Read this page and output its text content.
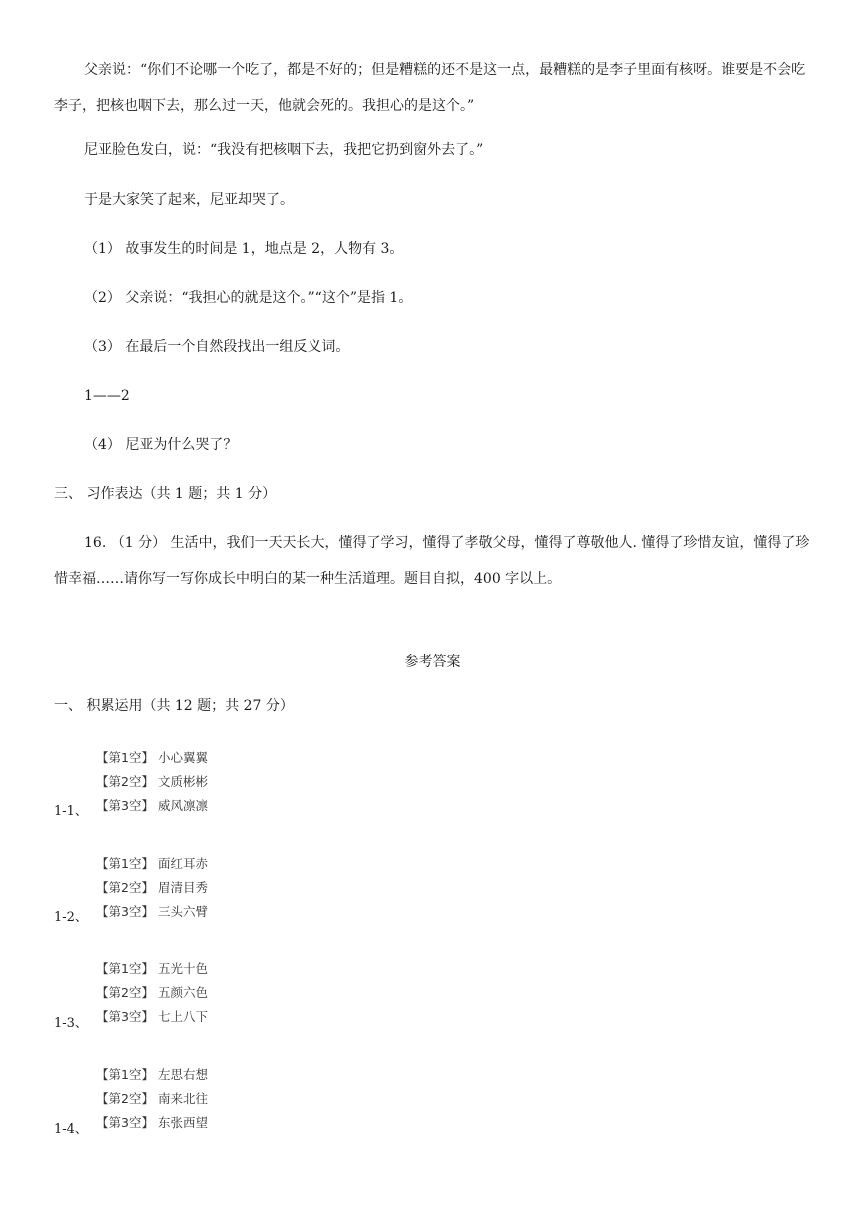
父亲说：“你们不论哪一个吃了，都是不好的；但是糟糕的还不是这一点，最糟糕的是李子里面有核呀。谁要是不会吃李子，把核也咽下去，那么过一天，他就会死的。我担心的是这个。”
尼亚脸色发白，说：“我没有把核咽下去，我把它扔到窗外去了。”
于是大家笑了起来，尼亚却哭了。
（1） 故事发生的时间是 1，地点是 2，人物有 3。
（2） 父亲说：“我担心的就是这个。”“这个”是指 1。
（3） 在最后一个自然段找出一组反义词。
1——2
（4） 尼亚为什么哭了？
三、 习作表达（共 1 题；共 1 分）
16. （1 分） 生活中，我们一天天长大，懂得了学习，懂得了孝敬父母，懂得了尊敬他人. 懂得了珍惜友谊，懂得了珍惜幸福……请你写一写你成长中明白的某一种生活道理。题目自拟，400 字以上。
参考答案
一、 积累运用（共 12 题；共 27 分）
【第1空】 小心翼翼
【第2空】 文质彬彬
【第3空】 威风凛凛
1-1、
【第1空】 面红耳赤
【第2空】 眉清目秀
【第3空】 三头六臂
1-2、
【第1空】 五光十色
【第2空】 五颜六色
【第3空】 七上八下
1-3、
【第1空】 左思右想
【第2空】 南来北往
【第3空】 东张西望
1-4、
